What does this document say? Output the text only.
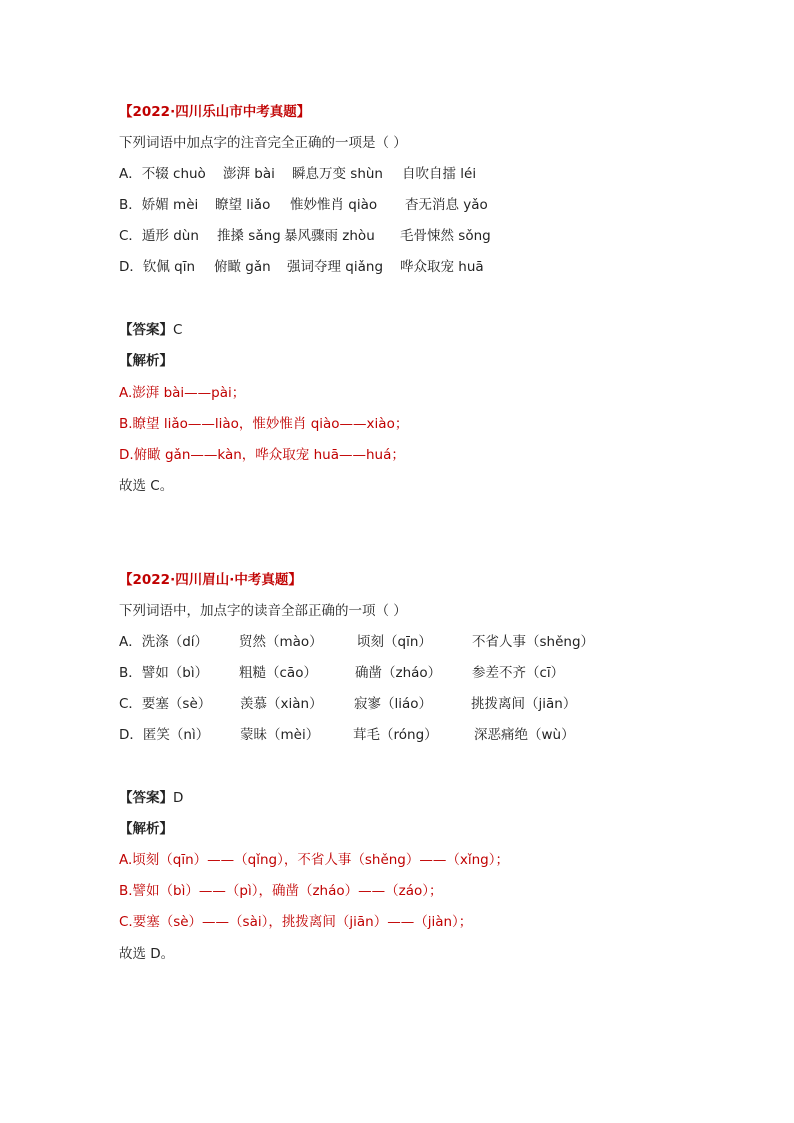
【2022·四川乐山市中考真题】
下列词语中加点字的注音完全正确的一项是（ ）
A．不辍 chuò 澎湃 bài 瞬息万变 shùn 自吹自擂 léi
B．娇媚 mèi 瞭望 liǎo 惟妙惟肖 qiào 杳无消息 yǎo
C．遁形 dùn 推搡 sǎng 暴风骤雨 zhòu 毛骨悚然 sǒng
D．钦佩 qīn 俯瞰 gǎn 强词夺理 qiǎng 哗众取宠 huā
【答案】C
【解析】
A.澎湃 bài——pài；
B.瞭望 liǎo——liào，惟妙惟肖 qiào——xiào；
D.俯瞰 gǎn——kàn，哗众取宠 huā——huá；
故选 C。
【2022·四川眉山·中考真题】
下列词语中，加点字的读音全部正确的一项（ ）
A．洗涤（dí） 贸然（mào）	顷刻（qīn）	不省人事（shěng）
B．譬如（bì） 粗糙（cāo）	确凿（zháo） 参差不齐（cī）
C．要塞（sè） 羡慕（xiàn） 寂寥（liáo）	挑拨离间（jiān）
D．匿笑（nì） 蒙昧（mèi）	茸毛（róng）	深恶痛绝（wù）
【答案】D
【解析】
A.顷刻（qīn）——（qǐng），不省人事（shěng）——（xǐng）；
B.譬如（bì）——（pì），确凿（zháo）——（záo）；
C.要塞（sè）——（sài），挑拨离间（jiān）——（jiàn）；
故选 D。
